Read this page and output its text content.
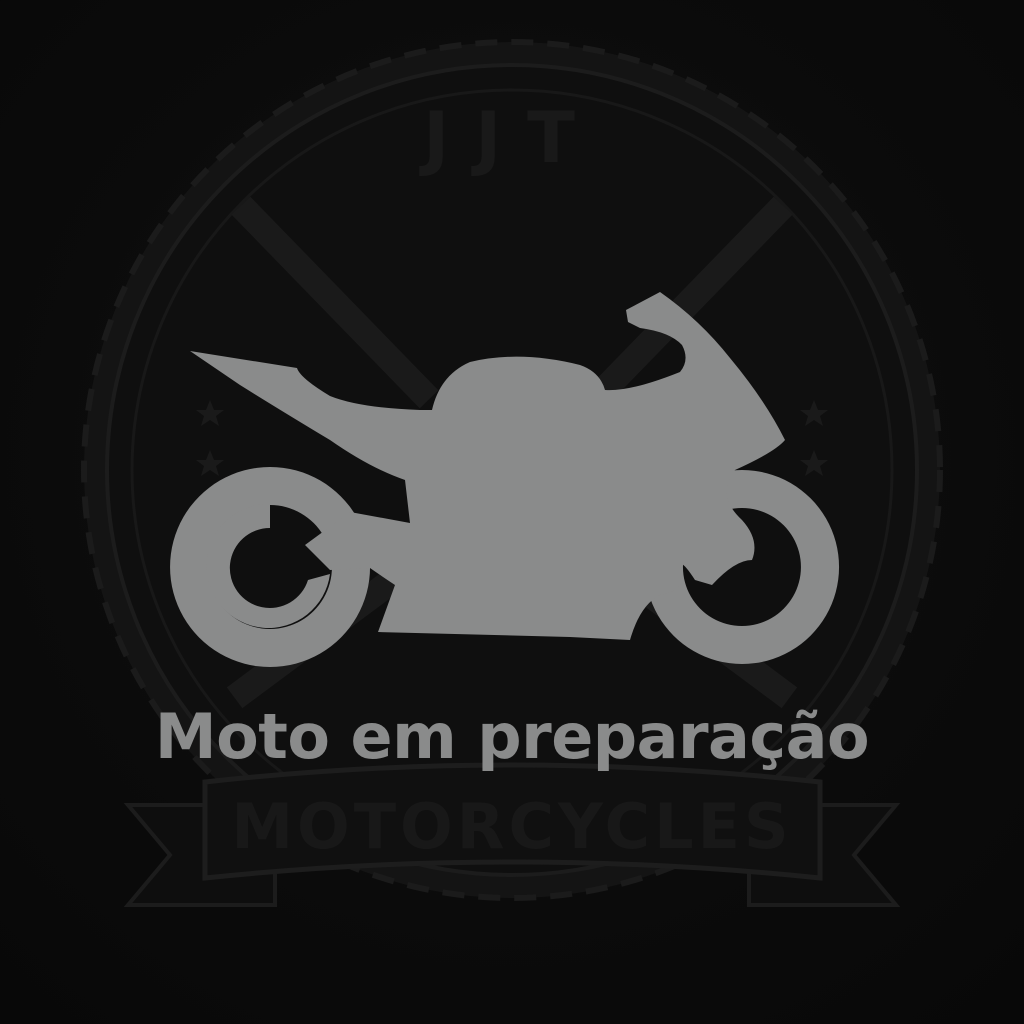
JJT
MOTORCYCLES
Moto em preparação
